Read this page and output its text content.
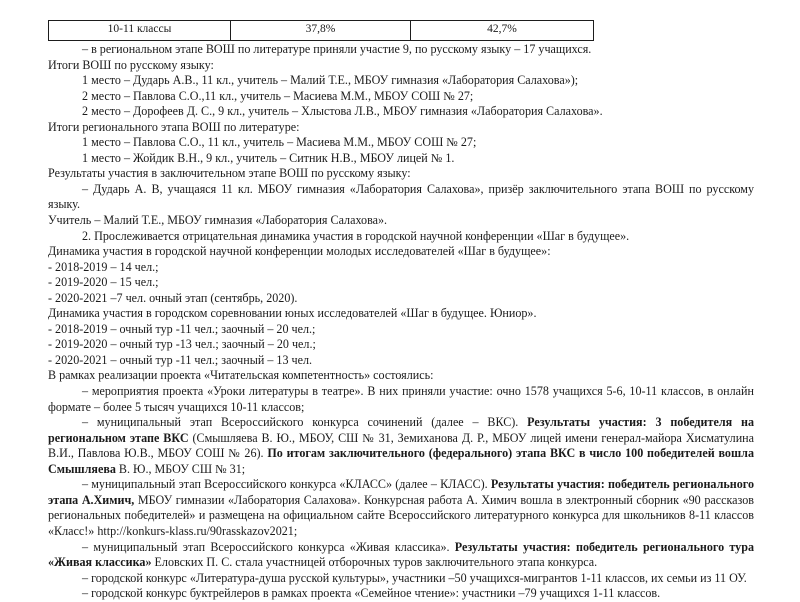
10-11 классы	37,8%	42,7%

– в региональном этапе ВОШ по литературе приняли участие 9, по русскому языку – 17 учащихся.

Итоги ВОШ по русскому языку:

1 место – Дударь А.В., 11 кл., учитель – Малий Т.Е., МБОУ гимназия «Лаборатория Салахова»);

2 место – Павлова С.О.,11 кл., учитель – Масиева М.М., МБОУ СОШ № 27;

2 место – Дорофеев Д. С., 9 кл., учитель – Хлыстова Л.В., МБОУ гимназия «Лаборатория Салахова».

Итоги регионального этапа ВОШ по литературе:

1 место – Павлова С.О., 11 кл., учитель – Масиева М.М., МБОУ СОШ № 27;

1 место – Жойдик В.Н., 9 кл., учитель – Ситник Н.В., МБОУ лицей № 1.

Результаты участия в заключительном этапе ВОШ по русскому языку:

– Дударь А. В, учащаяся 11 кл. МБОУ гимназия «Лаборатория Салахова», призёр заключительного этапа ВОШ по русскому языку.

Учитель – Малий Т.Е., МБОУ гимназия «Лаборатория Салахова».

2. Прослеживается отрицательная динамика участия в городской научной конференции «Шаг в будущее».

Динамика участия в городской научной конференции молодых исследователей «Шаг в будущее»:

- 2018-2019 – 14 чел.;

- 2019-2020 – 15 чел.;

- 2020-2021 –7 чел. очный этап (сентябрь, 2020).

Динамика участия в городском соревновании юных исследователей «Шаг в будущее. Юниор».

- 2018-2019 – очный тур -11 чел.; заочный – 20 чел.;

- 2019-2020 – очный тур -13 чел.; заочный – 20 чел.;

- 2020-2021 – очный тур -11 чел.; заочный – 13 чел.

В рамках реализации проекта «Читательская компетентность» состоялись:

– мероприятия проекта «Уроки литературы в театре». В них приняли участие: очно 1578 учащихся 5-6, 10-11 классов, в онлайн формате – более 5 тысяч учащихся 10-11 классов;

– муниципальный этап Всероссийского конкурса сочинений (далее – ВКС). Результаты участия: 3 победителя на региональном этапе ВКС (Смышляева В. Ю., МБОУ, СШ № 31, Земиханова Д. Р., МБОУ лицей имени генерал-майора Хисматулина В.И., Павлова Ю.В., МБОУ СОШ № 26). По итогам заключительного (федерального) этапа ВКС в число 100 победителей вошла Смышляева В. Ю., МБОУ СШ № 31;

– муниципальный этап Всероссийского конкурса «КЛАСС» (далее – КЛАСС). Результаты участия: победитель регионального этапа А.Химич, МБОУ гимназии «Лаборатория Салахова». Конкурсная работа А. Химич вошла в электронный сборник «90 рассказов региональных победителей» и размещена на официальном сайте Всероссийского литературного конкурса для школьников 8-11 классов «Класс!» http://konkurs-klass.ru/90rasskazov2021;

– муниципальный этап Всероссийского конкурса «Живая классика». Результаты участия: победитель регионального тура «Живая классика» Еловских П. С. стала участницей отборочных туров заключительного этапа конкурса.

– городской конкурс «Литература-душа русской культуры», участники –50 учащихся-мигрантов 1-11 классов, их семьи из 11 ОУ.

– городской конкурс буктрейлеров в рамках проекта «Семейное чтение»: участники –79 учащихся 1-11 классов.
